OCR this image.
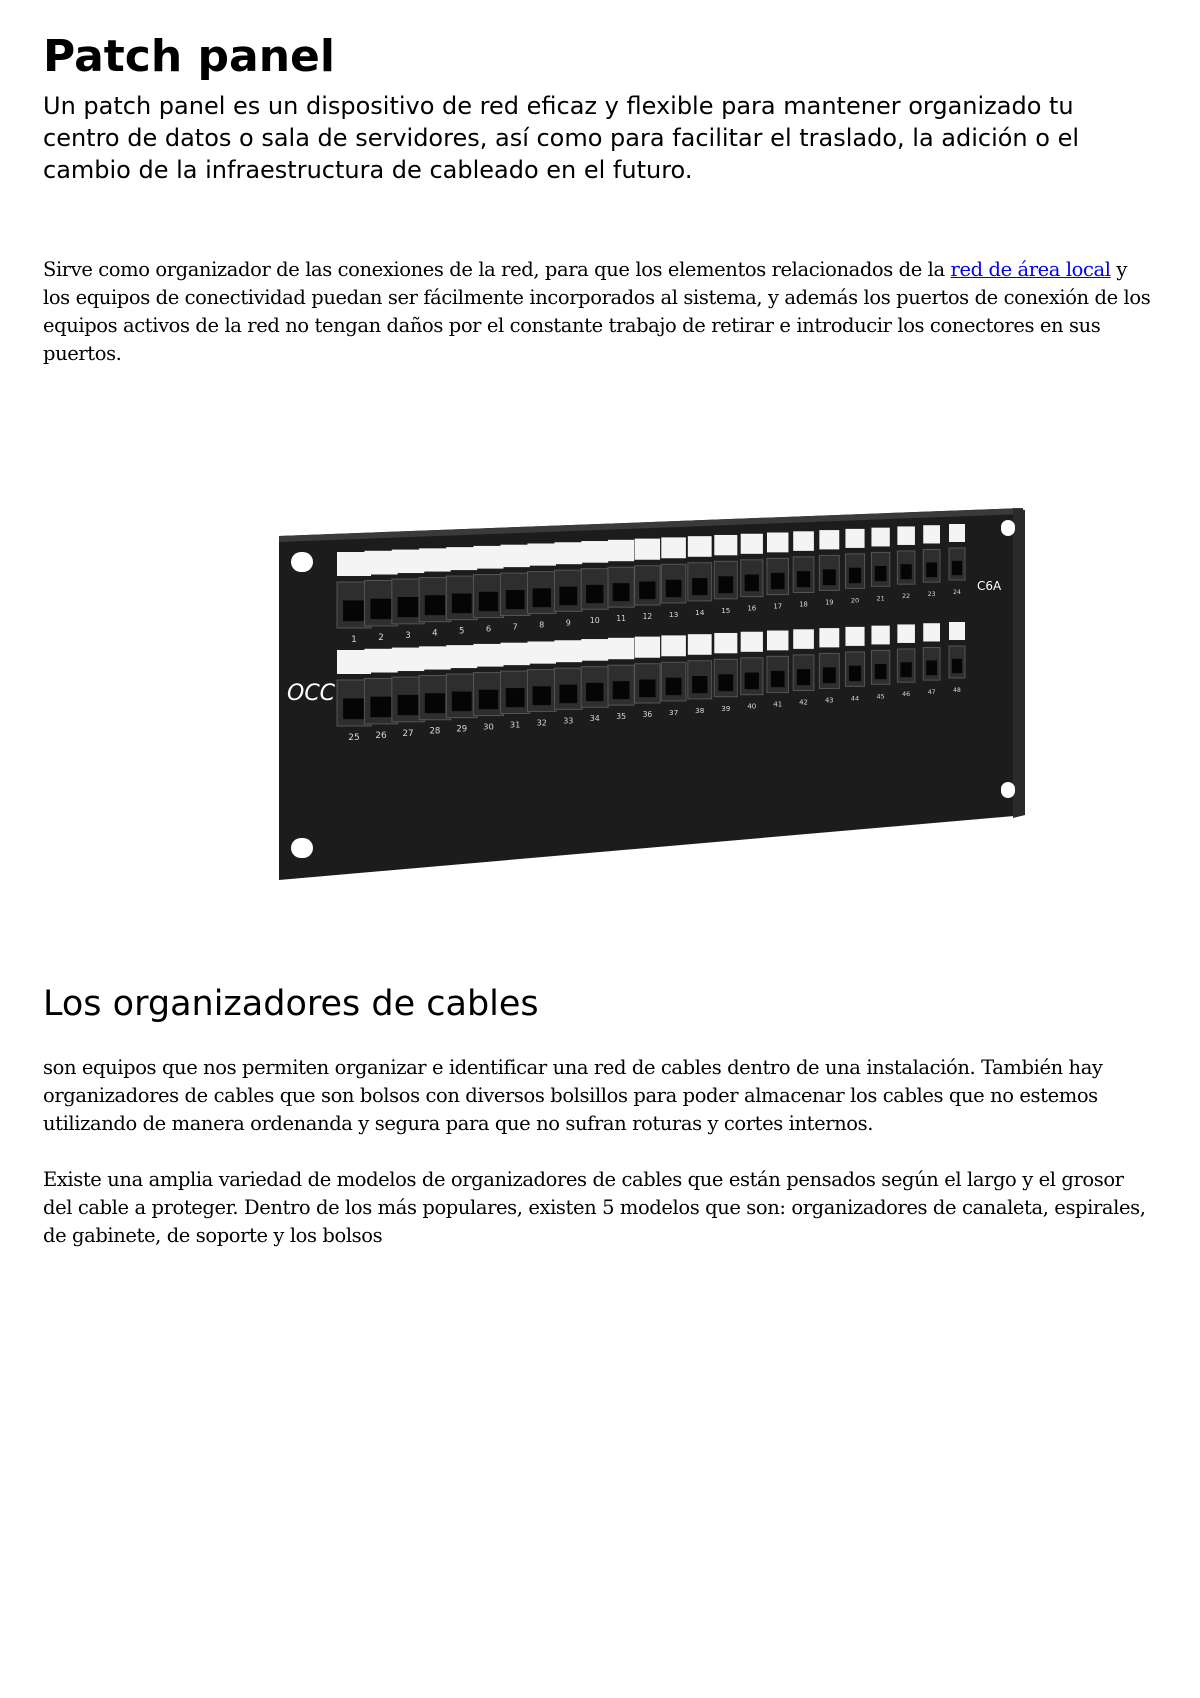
Patch panel

Un patch panel es un dispositivo de red eficaz y flexible para mantener organizado tu centro de datos o sala de servidores, así como para facilitar el traslado, la adición o el cambio de la infraestructura de cableado en el futuro.

Sirve como organizador de las conexiones de la red, para que los elementos relacionados de la red de área local y los equipos de conectividad puedan ser fácilmente incorporados al sistema, y además los puertos de conexión de los equipos activos de la red no tengan daños por el constante trabajo de retirar e introducir los conectores en sus puertos.

OCC
C6A
1 2 3 4	5	6	7	8	9 10 11 12 13 14 15 16 17	18	19	20	21	22	23	24
25 26 27 28 29 30 31 32 33 34 35 36 37 38 39 40 41	42	43	44	45	46	47	48
Los organizadores de cables

son equipos que nos permiten organizar e identificar una red de cables dentro de una instalación. También hay organizadores de cables que son bolsos con diversos bolsillos para poder almacenar los cables que no estemos utilizando de manera ordenanda y segura para que no sufran roturas y cortes internos.

Existe una amplia variedad de modelos de organizadores de cables que están pensados según el largo y el grosor del cable a proteger. Dentro de los más populares, existen 5 modelos que son: organizadores de canaleta, espirales, de gabinete, de soporte y los bolsos
